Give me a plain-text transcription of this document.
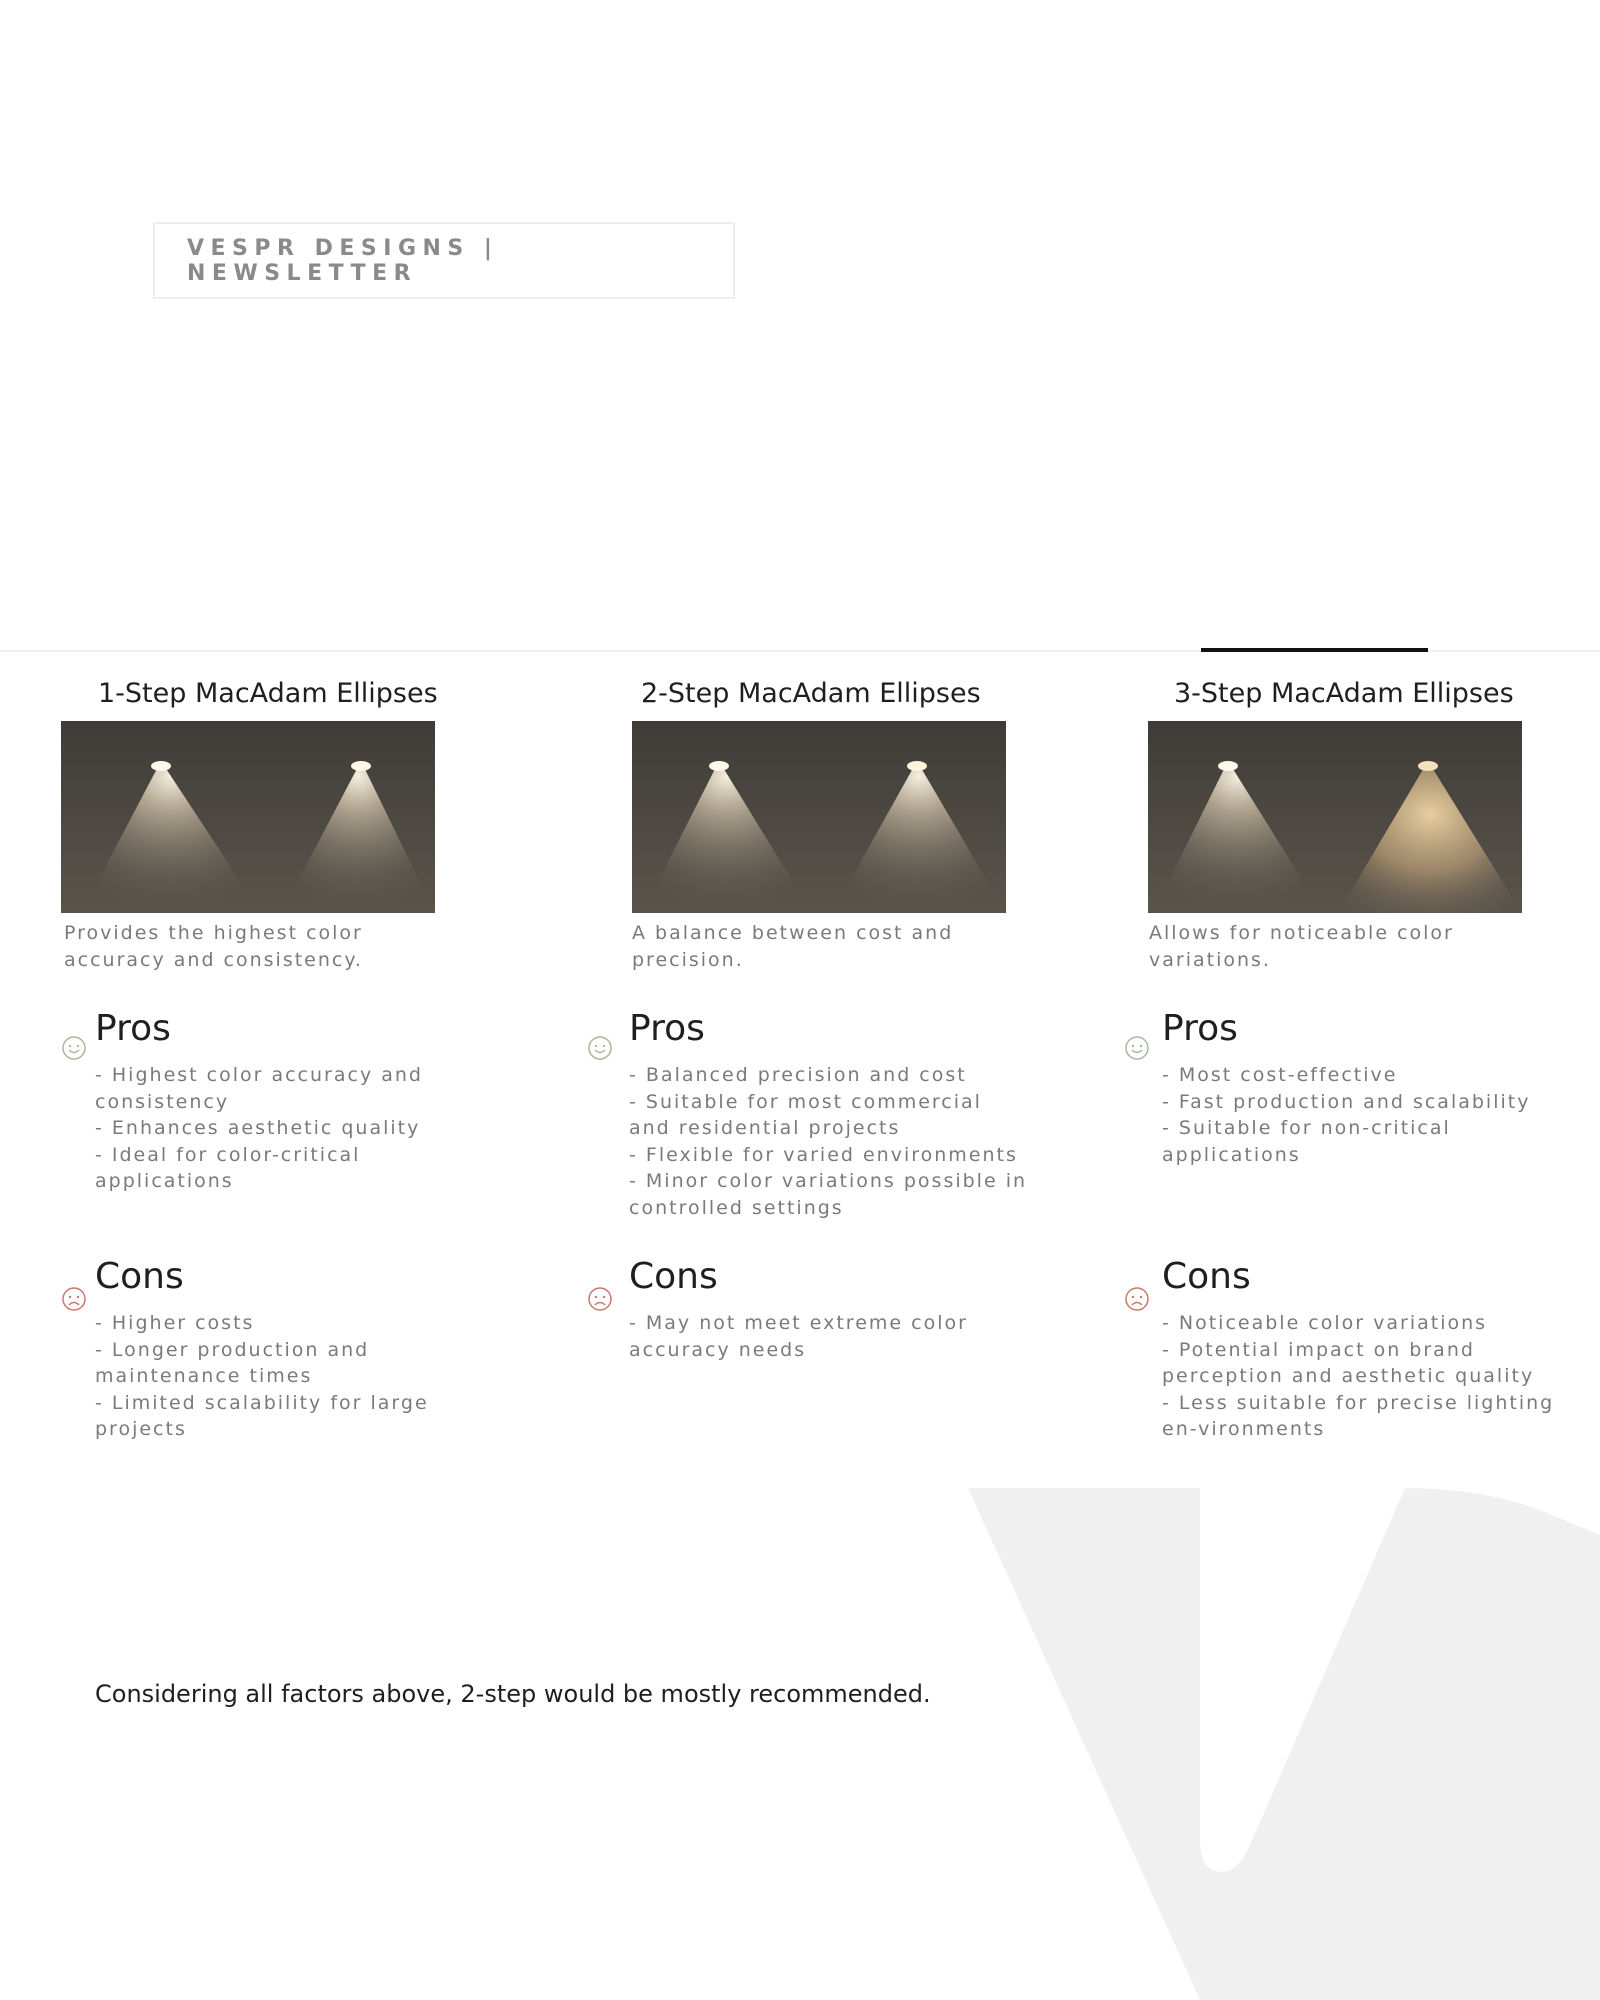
VESPR DESIGNS | NEWSLETTER
1-Step MacAdam Ellipses
Provides the highest color accuracy and consistency.
Pros
- Highest color accuracy and consistency
- Enhances aesthetic quality
- Ideal for color-critical applications
Cons
- Higher costs
- Longer production and maintenance times
- Limited scalability for large projects
2-Step MacAdam Ellipses
A balance between cost and precision.
Pros
- Balanced precision and cost
- Suitable for most commercial and residential projects
- Flexible for varied environments
- Minor color variations possible in controlled settings
Cons
- May not meet extreme color accuracy needs
3-Step MacAdam Ellipses
Allows for noticeable color variations.
Pros
- Most cost-effective
- Fast production and scalability
- Suitable for non-critical applications
Cons
- Noticeable color variations
- Potential impact on brand perception and aesthetic quality
- Less suitable for precise lighting en-vironments
Considering all factors above, 2-step would be mostly recommended.
